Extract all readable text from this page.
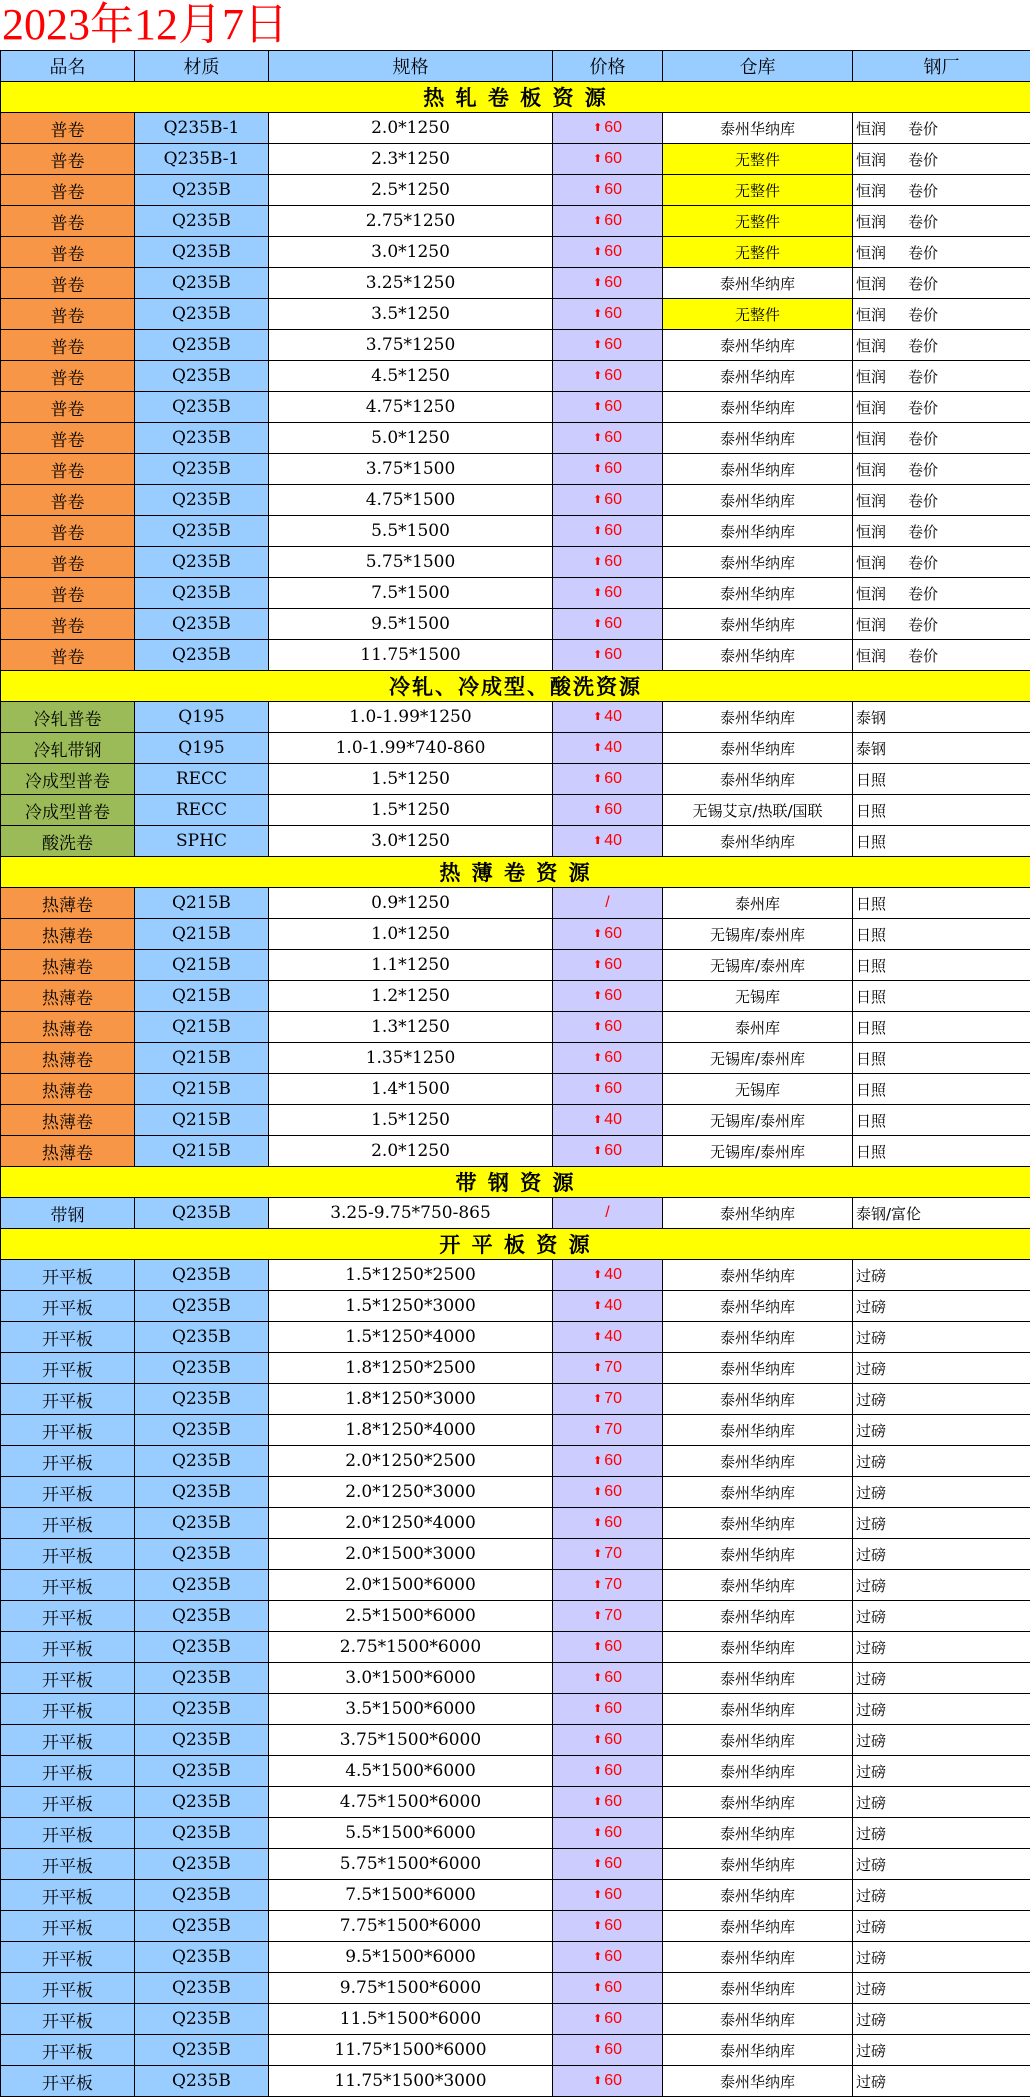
2023年12月7日
品名	材质	规格	价格	仓库	钢厂
热 轧 卷 板 资 源					
普卷	Q235B-1	2.0*1250	⬆ 60	泰州华纳库	恒润 卷价
普卷	Q235B-1	2.3*1250	⬆ 60	无整件	恒润 卷价
普卷	Q235B	2.5*1250	⬆ 60	无整件	恒润 卷价
普卷	Q235B	2.75*1250	⬆ 60	无整件	恒润 卷价
普卷	Q235B	3.0*1250	⬆ 60	无整件	恒润 卷价
普卷	Q235B	3.25*1250	⬆ 60	泰州华纳库	恒润 卷价
普卷	Q235B	3.5*1250	⬆ 60	无整件	恒润 卷价
普卷	Q235B	3.75*1250	⬆ 60	泰州华纳库	恒润 卷价
普卷	Q235B	4.5*1250	⬆ 60	泰州华纳库	恒润 卷价
普卷	Q235B	4.75*1250	⬆ 60	泰州华纳库	恒润 卷价
普卷	Q235B	5.0*1250	⬆ 60	泰州华纳库	恒润 卷价
普卷	Q235B	3.75*1500	⬆ 60	泰州华纳库	恒润 卷价
普卷	Q235B	4.75*1500	⬆ 60	泰州华纳库	恒润 卷价
普卷	Q235B	5.5*1500	⬆ 60	泰州华纳库	恒润 卷价
普卷	Q235B	5.75*1500	⬆ 60	泰州华纳库	恒润 卷价
普卷	Q235B	7.5*1500	⬆ 60	泰州华纳库	恒润 卷价
普卷	Q235B	9.5*1500	⬆ 60	泰州华纳库	恒润 卷价
普卷	Q235B	11.75*1500	⬆ 60	泰州华纳库	恒润 卷价
冷轧、冷成型、酸洗资源					
冷轧普卷	Q195	1.0-1.99*1250	⬆ 40	泰州华纳库	泰钢
冷轧带钢	Q195	1.0-1.99*740-860	⬆ 40	泰州华纳库	泰钢
冷成型普卷	RECC	1.5*1250	⬆ 60	泰州华纳库	日照
冷成型普卷	RECC	1.5*1250	⬆ 60	无锡艾京/热联/国联	日照
酸洗卷	SPHC	3.0*1250	⬆ 40	泰州华纳库	日照
热 薄 卷 资 源					
热薄卷	Q215B	0.9*1250	/	泰州库	日照
热薄卷	Q215B	1.0*1250	⬆ 60	无锡库/泰州库	日照
热薄卷	Q215B	1.1*1250	⬆ 60	无锡库/泰州库	日照
热薄卷	Q215B	1.2*1250	⬆ 60	无锡库	日照
热薄卷	Q215B	1.3*1250	⬆ 60	泰州库	日照
热薄卷	Q215B	1.35*1250	⬆ 60	无锡库/泰州库	日照
热薄卷	Q215B	1.4*1500	⬆ 60	无锡库	日照
热薄卷	Q215B	1.5*1250	⬆ 40	无锡库/泰州库	日照
热薄卷	Q215B	2.0*1250	⬆ 60	无锡库/泰州库	日照
带 钢 资 源					
带钢	Q235B	3.25-9.75*750-865	/	泰州华纳库	泰钢/富伦
开 平 板 资 源					
开平板	Q235B	1.5*1250*2500	⬆ 40	泰州华纳库	过磅
开平板	Q235B	1.5*1250*3000	⬆ 40	泰州华纳库	过磅
开平板	Q235B	1.5*1250*4000	⬆ 40	泰州华纳库	过磅
开平板	Q235B	1.8*1250*2500	⬆ 70	泰州华纳库	过磅
开平板	Q235B	1.8*1250*3000	⬆ 70	泰州华纳库	过磅
开平板	Q235B	1.8*1250*4000	⬆ 70	泰州华纳库	过磅
开平板	Q235B	2.0*1250*2500	⬆ 60	泰州华纳库	过磅
开平板	Q235B	2.0*1250*3000	⬆ 60	泰州华纳库	过磅
开平板	Q235B	2.0*1250*4000	⬆ 60	泰州华纳库	过磅
开平板	Q235B	2.0*1500*3000	⬆ 70	泰州华纳库	过磅
开平板	Q235B	2.0*1500*6000	⬆ 70	泰州华纳库	过磅
开平板	Q235B	2.5*1500*6000	⬆ 70	泰州华纳库	过磅
开平板	Q235B	2.75*1500*6000	⬆ 60	泰州华纳库	过磅
开平板	Q235B	3.0*1500*6000	⬆ 60	泰州华纳库	过磅
开平板	Q235B	3.5*1500*6000	⬆ 60	泰州华纳库	过磅
开平板	Q235B	3.75*1500*6000	⬆ 60	泰州华纳库	过磅
开平板	Q235B	4.5*1500*6000	⬆ 60	泰州华纳库	过磅
开平板	Q235B	4.75*1500*6000	⬆ 60	泰州华纳库	过磅
开平板	Q235B	5.5*1500*6000	⬆ 60	泰州华纳库	过磅
开平板	Q235B	5.75*1500*6000	⬆ 60	泰州华纳库	过磅
开平板	Q235B	7.5*1500*6000	⬆ 60	泰州华纳库	过磅
开平板	Q235B	7.75*1500*6000	⬆ 60	泰州华纳库	过磅
开平板	Q235B	9.5*1500*6000	⬆ 60	泰州华纳库	过磅
开平板	Q235B	9.75*1500*6000	⬆ 60	泰州华纳库	过磅
开平板	Q235B	11.5*1500*6000	⬆ 60	泰州华纳库	过磅
开平板	Q235B	11.75*1500*6000	⬆ 60	泰州华纳库	过磅
开平板	Q235B	11.75*1500*3000	⬆ 60	泰州华纳库	过磅
